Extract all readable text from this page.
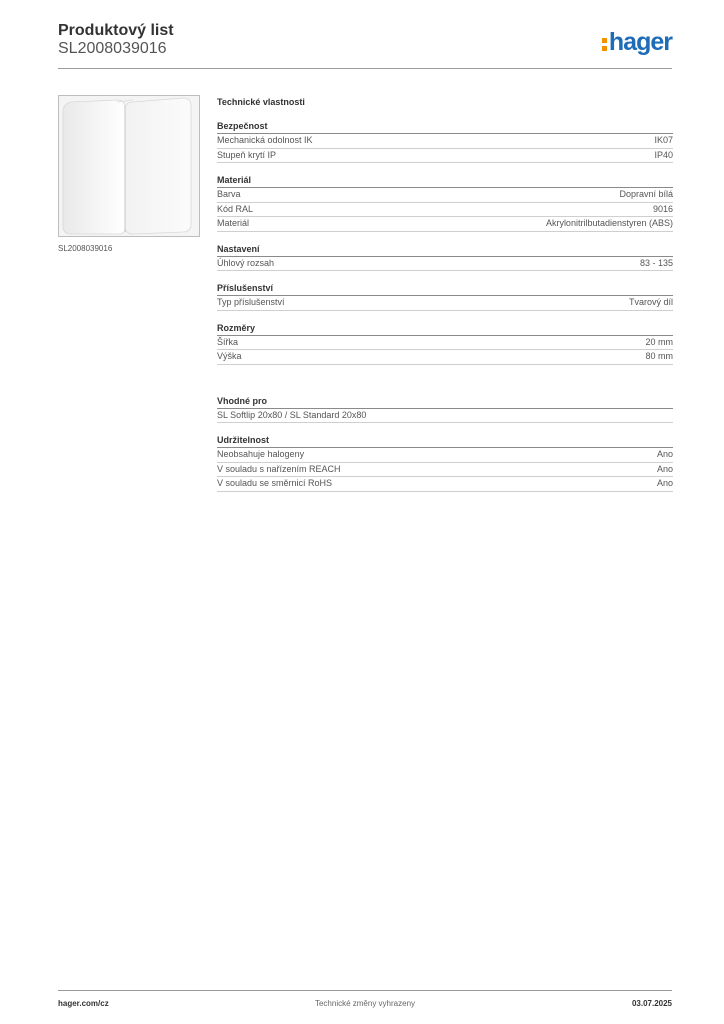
Produktový list
SL2008039016	hager
SL2008039016
Technické vlastnosti
Bezpečnost
Mechanická odolnost IK	IK07
Stupeň krytí IP	IP40
Materiál
Barva	Dopravní bílá
Kód RAL	9016
Materiál	Akrylonitrilbutadienstyren (ABS)
Nastavení
Úhlový rozsah	83 - 135
Příslušenství
Typ příslušenství	Tvarový díl
Rozměry
Šířka	20 mm
Výška	80 mm
Vhodné pro
SL Softlip 20x80 / SL Standard 20x80
Udržitelnost
Neobsahuje halogeny	Ano
V souladu s nařízením REACH	Ano
V souladu se směrnicí RoHS	Ano
hager.com/cz	Technické změny vyhrazeny	03.07.2025
